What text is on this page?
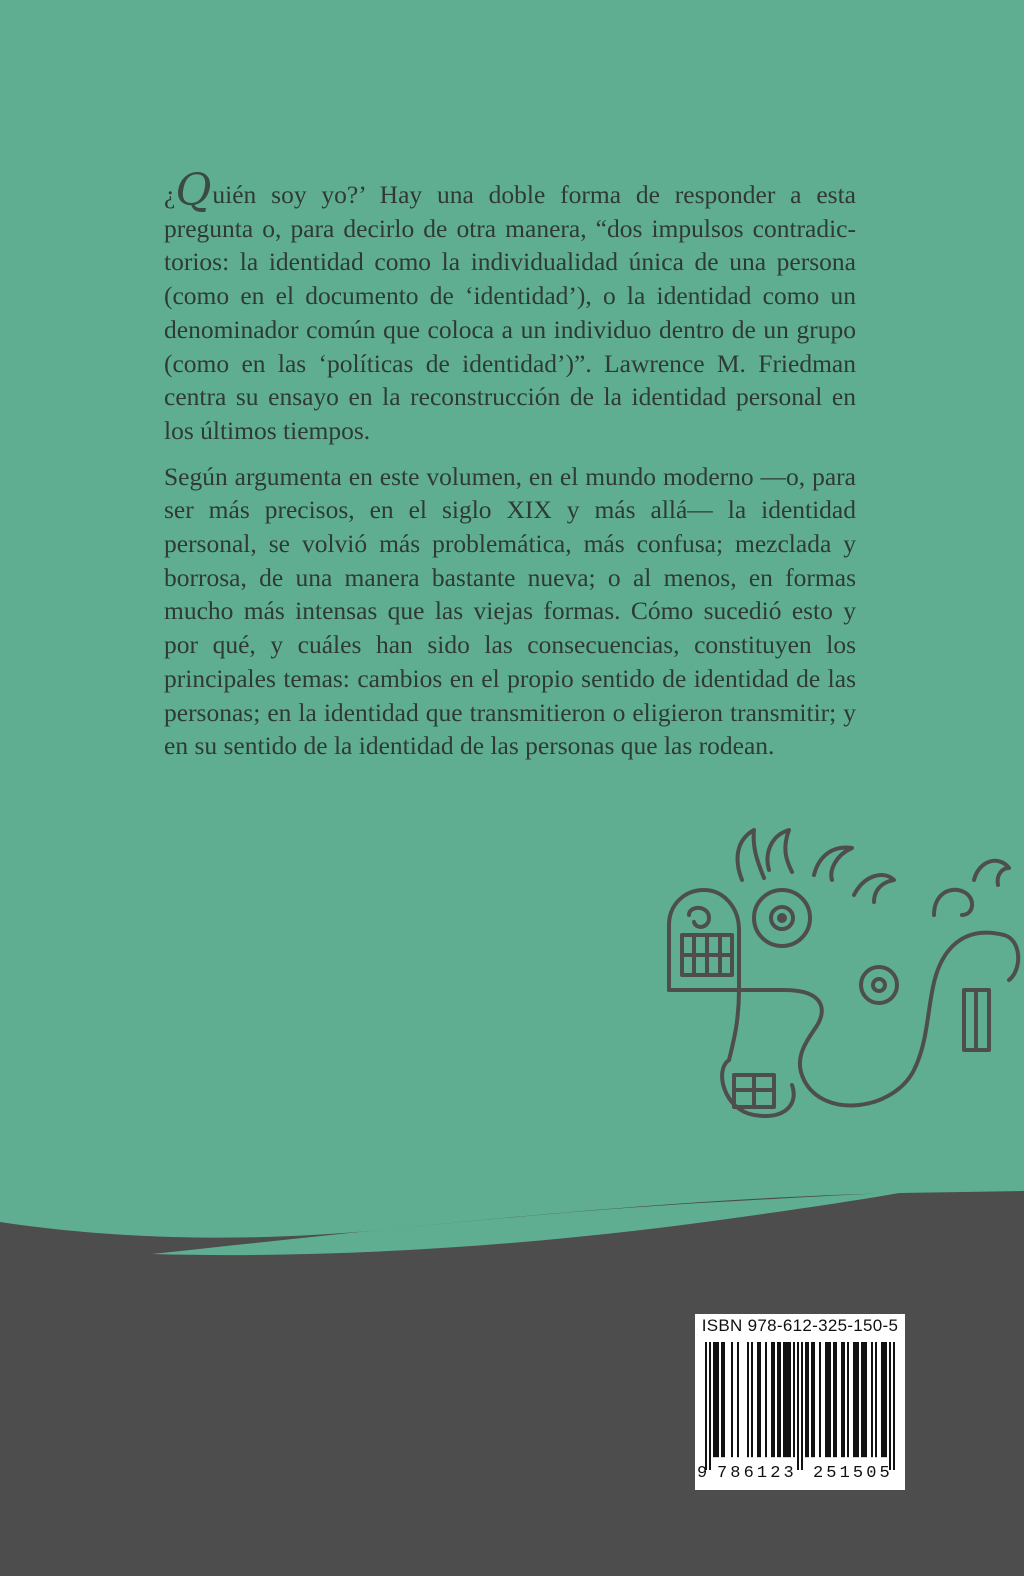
¿Quién soy yo?’ Hay una doble forma de responder a esta pregunta o, para decirlo de otra manera, “dos impulsos contradictorios: la identidad como la individualidad única de una persona (como en el documento de ‘identidad’), o la identidad como un denominador común que coloca a un individuo dentro de un grupo (como en las ‘políticas de identidad’)”. Lawrence M. Friedman centra su ensayo en la reconstrucción de la identidad personal en los últimos tiempos.

Según argumenta en este volumen, en el mundo moderno —o, para ser más precisos, en el siglo XIX y más allá— la identidad personal, se volvió más problemática, más confusa; mezclada y borrosa, de una manera bastante nueva; o al menos, en formas mucho más intensas que las viejas formas. Cómo sucedió esto y por qué, y cuáles han sido las consecuencias, constituyen los principales temas: cambios en el propio sentido de identidad de las personas; en la identidad que transmitieron o eligieron transmitir; y en su sentido de la identidad de las personas que las rodean.

ISBN 978-612-325-150-5
9 786123 251505
